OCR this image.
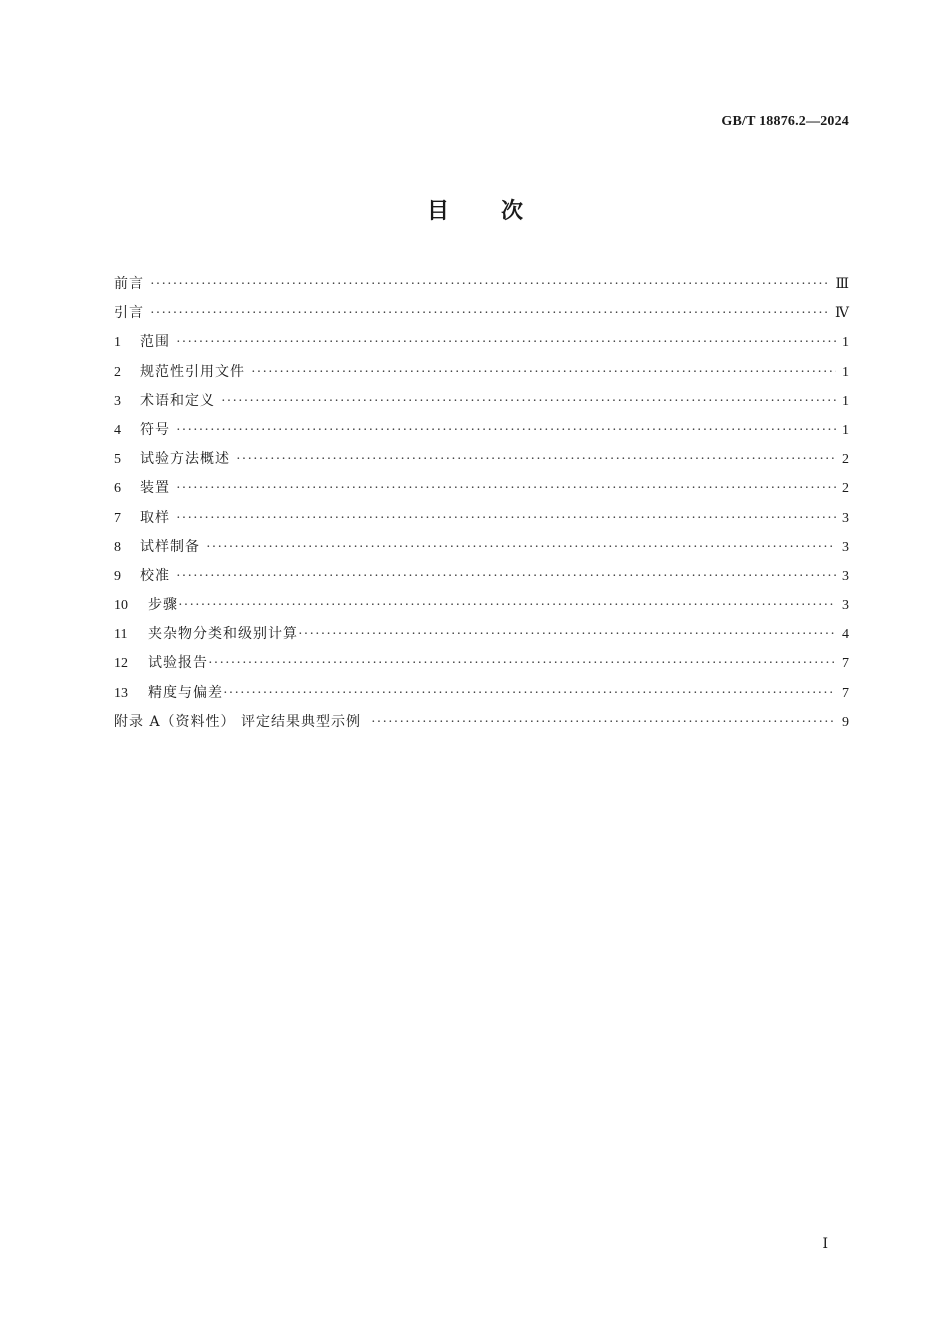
GB/T 18876.2—2024
目 次
前言 ·····	Ⅲ
引言 ·····	Ⅳ
1	范围 ·····	1
2	规范性引用文件 ·····	1
3	术语和定义 ·····	1
4	符号 ·····	1
5	试验方法概述 ·····	2
6	装置 ·····	2
7	取样 ·····	3
8	试样制备 ·····	3
9	校准 ·····	3
10	步骤 ·····	3
11	夹杂物分类和级别计算 ·····	4
12	试验报告 ·····	7
13	精度与偏差 ·····	7
附录 A（资料性） 评定结果典型示例 ·····	9
Ⅰ
